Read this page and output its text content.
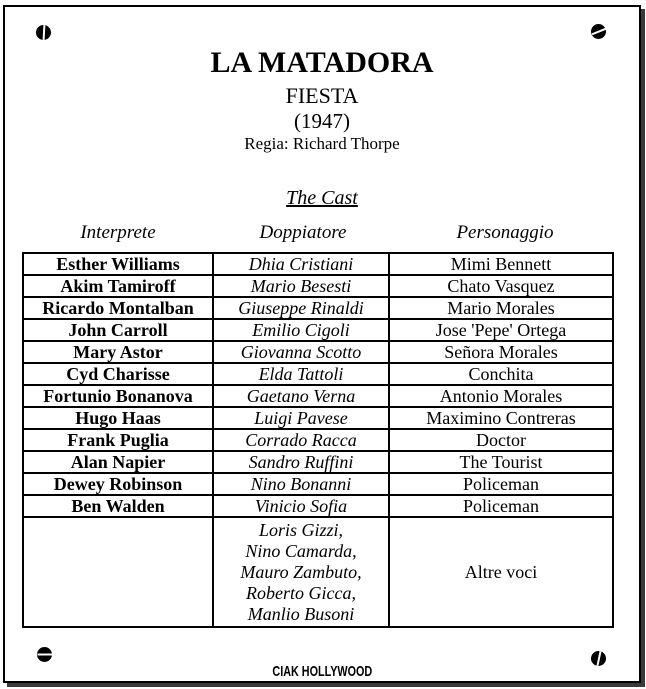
LA MATADORA
FIESTA
(1947)
Regia: Richard Thorpe
The Cast
Interprete	Doppiatore	Personaggio
Esther Williams	Dhia Cristiani	Mimi Bennett
Akim Tamiroff	Mario Besesti	Chato Vasquez
Ricardo Montalban	Giuseppe Rinaldi	Mario Morales
John Carroll	Emilio Cigoli	Jose 'Pepe' Ortega
Mary Astor	Giovanna Scotto	Señora Morales
Cyd Charisse	Elda Tattoli	Conchita
Fortunio Bonanova	Gaetano Verna	Antonio Morales
Hugo Haas	Luigi Pavese	Maximino Contreras
Frank Puglia	Corrado Racca	Doctor
Alan Napier	Sandro Ruffini	The Tourist
Dewey Robinson	Nino Bonanni	Policeman
Ben Walden	Vinicio Sofia	Policeman

	Loris Gizzi,
Nino Camarda,
Mauro Zambuto,
Roberto Gicca,
Manlio Busoni	Altre voci
CIAK HOLLYWOOD
